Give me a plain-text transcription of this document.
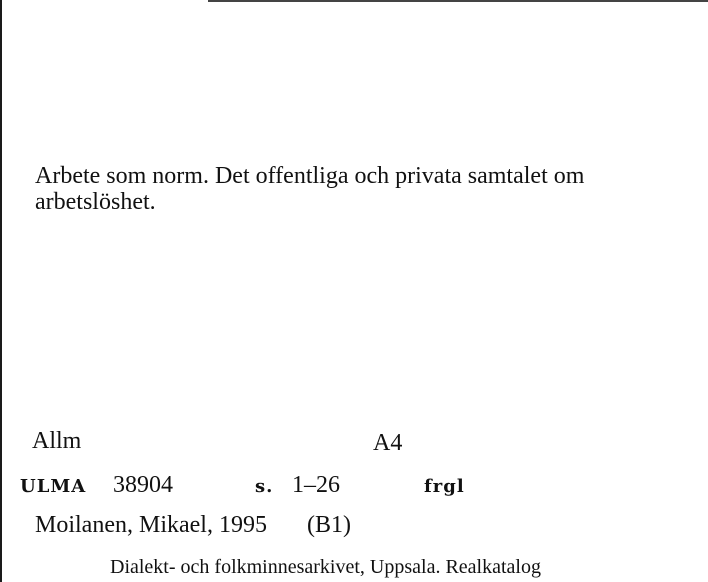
Arbete som norm. Det offentliga och privata samtalet om arbetslöshet.
Allm	A4
ULMA 38904	s. 1–26	frgl
Moilanen, Mikael, 1995 (B1)
Dialekt- och folkminnesarkivet, Uppsala. Realkatalog
